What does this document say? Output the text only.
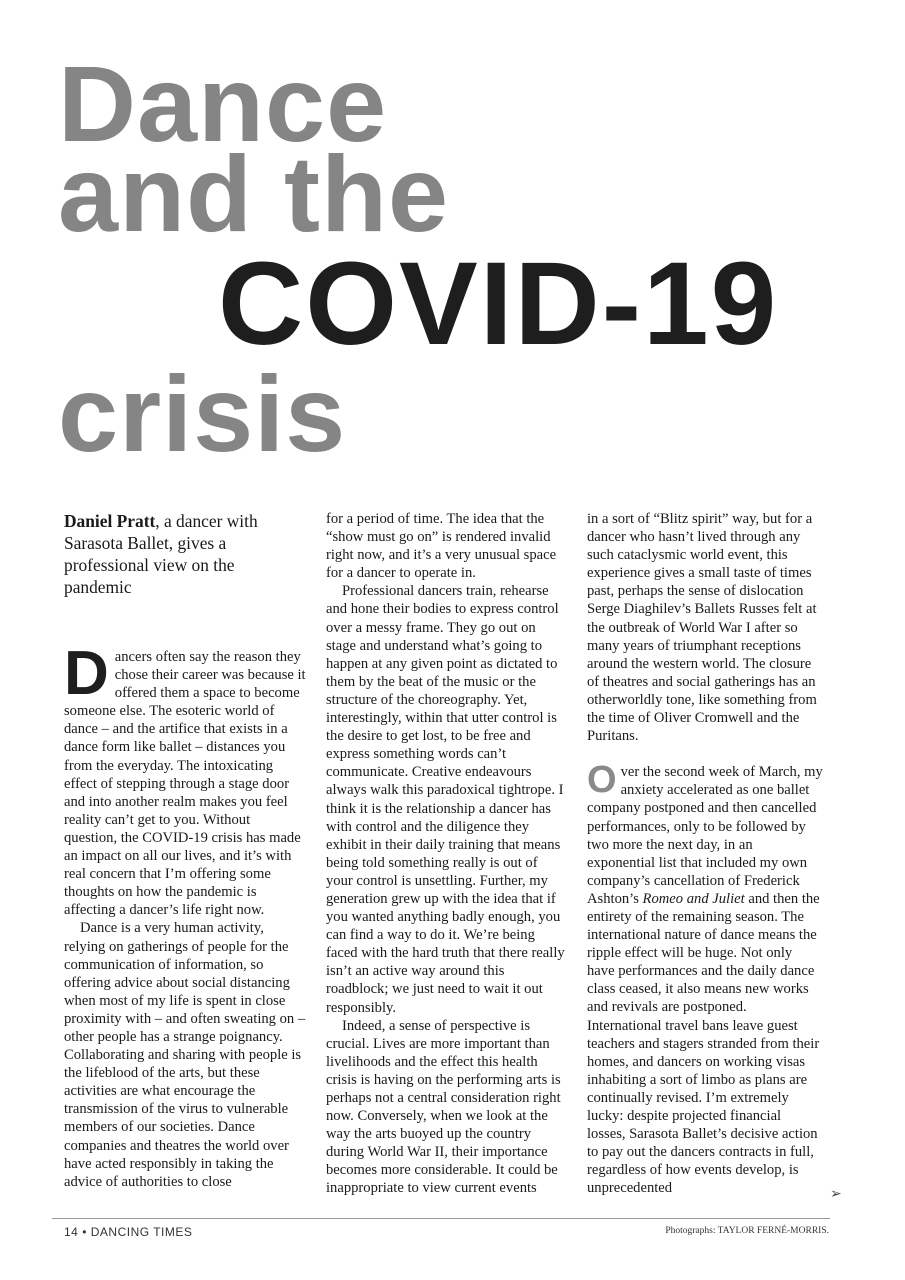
Dance
and the
COVID-19
crisis
Daniel Pratt, a dancer with Sarasota Ballet, gives a professional view on the pandemic

Dancers often say the reason they chose their career was because it offered them a space to become someone else. The esoteric world of dance – and the artifice that exists in a dance form like ballet – distances you from the everyday. The intoxicating effect of stepping through a stage door and into another realm makes you feel reality can’t get to you. Without question, the COVID-19 crisis has made an impact on all our lives, and it’s with real concern that I’m offering some thoughts on how the pandemic is affecting a dancer’s life right now.

Dance is a very human activity, relying on gatherings of people for the communication of information, so offering advice about social distancing when most of my life is spent in close proximity with – and often sweating on – other people has a strange poignancy. Collaborating and sharing with people is the lifeblood of the arts, but these activities are what encourage the transmission of the virus to vulnerable members of our societies. Dance companies and theatres the world over have acted responsibly in taking the advice of authorities to close

for a period of time. The idea that the “show must go on” is rendered invalid right now, and it’s a very unusual space for a dancer to operate in.

Professional dancers train, rehearse and hone their bodies to express control over a messy frame. They go out on stage and understand what’s going to happen at any given point as dictated to them by the beat of the music or the structure of the choreography. Yet, interestingly, within that utter control is the desire to get lost, to be free and express something words can’t communicate. Creative endeavours always walk this paradoxical tightrope. I think it is the relationship a dancer has with control and the diligence they exhibit in their daily training that means being told something really is out of your control is unsettling. Further, my generation grew up with the idea that if you wanted anything badly enough, you can find a way to do it. We’re being faced with the hard truth that there really isn’t an active way around this roadblock; we just need to wait it out responsibly.

Indeed, a sense of perspective is crucial. Lives are more important than livelihoods and the effect this health crisis is having on the performing arts is perhaps not a central consideration right now. Conversely, when we look at the way the arts buoyed up the country during World War II, their importance becomes more considerable. It could be inappropriate to view current events

in a sort of “Blitz spirit” way, but for a dancer who hasn’t lived through any such cataclysmic world event, this experience gives a small taste of times past, perhaps the sense of dislocation Serge Diaghilev’s Ballets Russes felt at the outbreak of World War I after so many years of triumphant receptions around the western world. The closure of theatres and social gatherings has an otherworldly tone, like something from the time of Oliver Cromwell and the Puritans.

Over the second week of March, my anxiety accelerated as one ballet company postponed and then cancelled performances, only to be followed by two more the next day, in an exponential list that included my own company’s cancellation of Frederick Ashton’s Romeo and Juliet and then the entirety of the remaining season. The international nature of dance means the ripple effect will be huge. Not only have performances and the daily dance class ceased, it also means new works and revivals are postponed. International travel bans leave guest teachers and stagers stranded from their homes, and dancers on working visas inhabiting a sort of limbo as plans are continually revised. I’m extremely lucky: despite projected financial losses, Sarasota Ballet’s decisive action to pay out the dancers contracts in full, regardless of how events develop, is unprecedented	➢
14 • DANCING TIMES	Photographs: TAYLOR FERNÉ-MORRIS.
